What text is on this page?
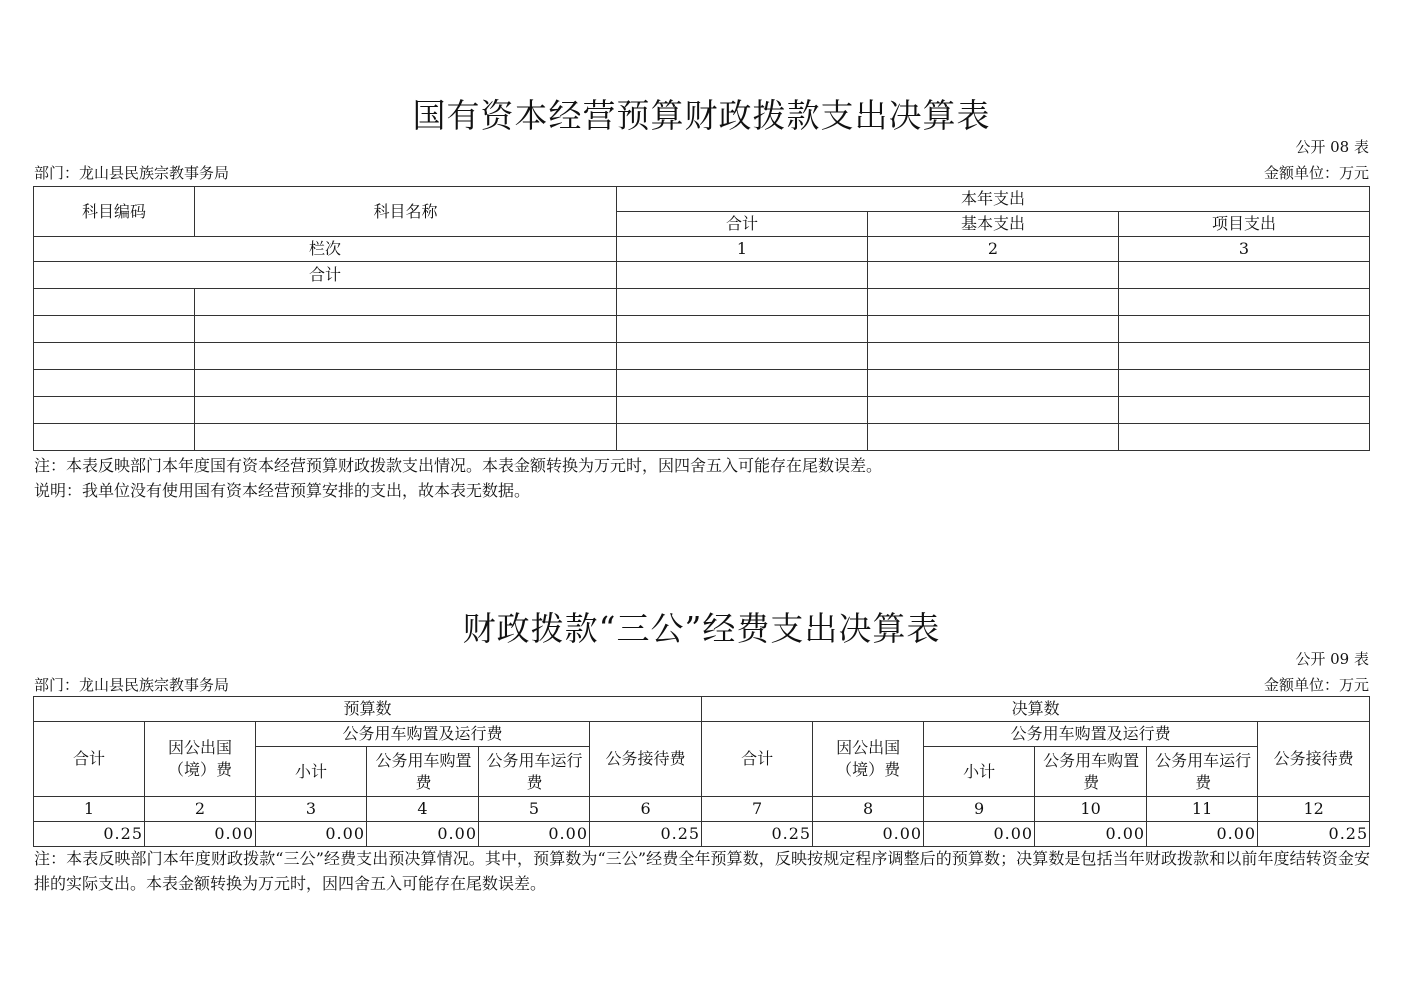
国有资本经营预算财政拨款支出决算表
公开 08 表
部门：龙山县民族宗教事务局	金额单位：万元
科目编码	科目名称	本年支出		
		合计	基本支出	项目支出
栏次		1	2	3
合计				

注：本表反映部门本年度国有资本经营预算财政拨款支出情况。本表金额转换为万元时，因四舍五入可能存在尾数误差。
说明：我单位没有使用国有资本经营预算安排的支出，故本表无数据。
财政拨款“三公”经费支出决算表
公开 09 表
部门：龙山县民族宗教事务局	金额单位：万元
预算数						决算数					
合计	因公出国（境）费	公务用车购置及运行费			公务接待费	合计	因公出国（境）费	公务用车购置及运行费			公务接待费
		小计	公务用车购置费	公务用车运行费				小计	公务用车购置费	公务用车运行费	
1	2	3	4	5	6	7	8	9	10	11	12
0.25	0.00	0.00	0.00	0.00	0.25	0.25	0.00	0.00	0.00	0.00	0.25
注：本表反映部门本年度财政拨款“三公”经费支出预决算情况。其中，预算数为“三公”经费全年预算数，反映按规定程序调整后的预算数；决算数是包括当年财政拨款和以前年度结转资金安排的实际支出。本表金额转换为万元时，因四舍五入可能存在尾数误差。
